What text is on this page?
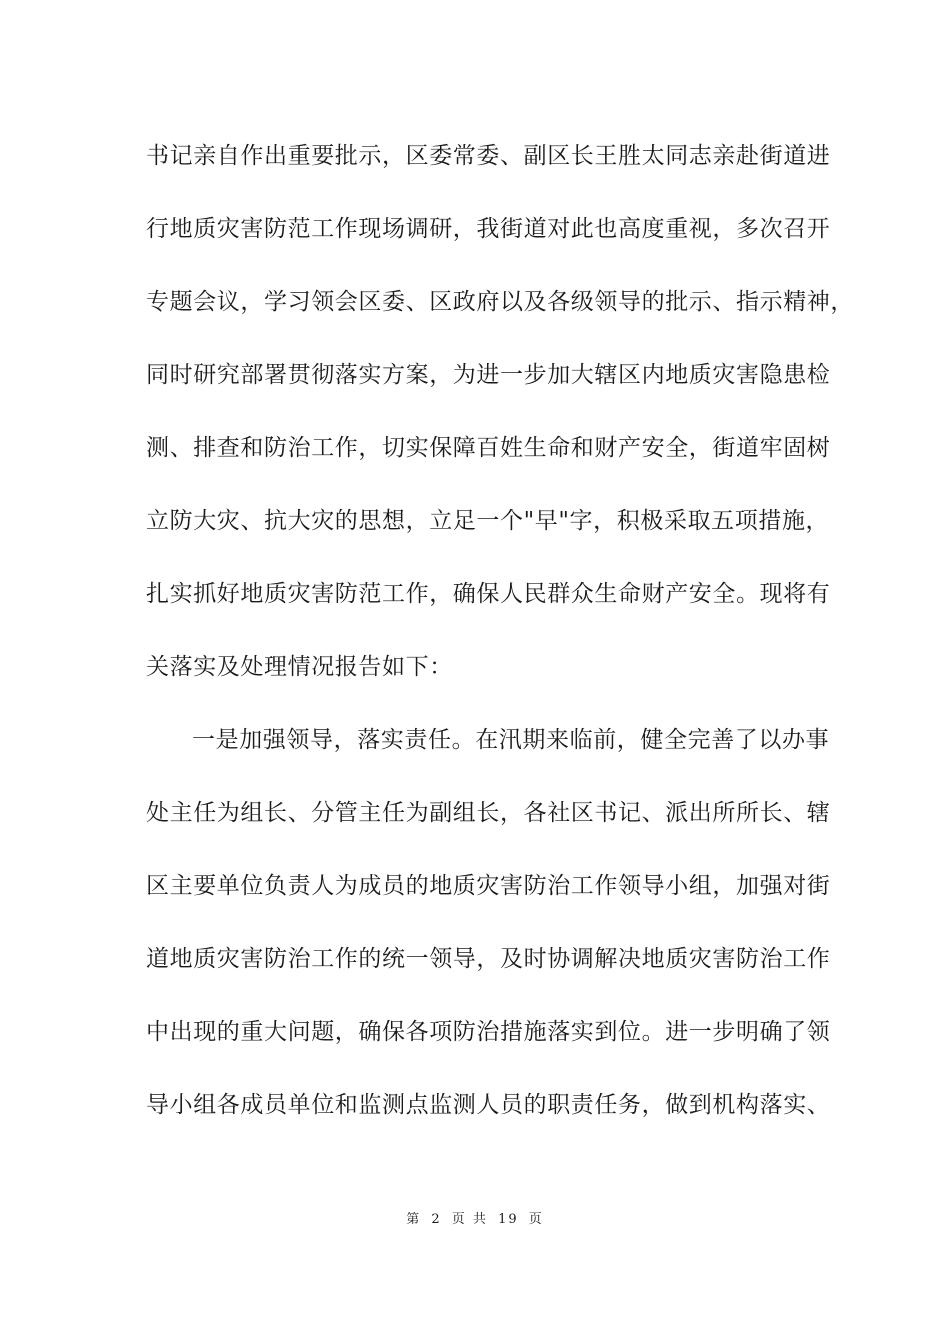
书记亲自作出重要批示，区委常委、副区长王胜太同志亲赴街道进
行地质灾害防范工作现场调研，我街道对此也高度重视，多次召开
专题会议，学习领会区委、区政府以及各级领导的批示、指示精神，
同时研究部署贯彻落实方案，为进一步加大辖区内地质灾害隐患检
测、排查和防治工作，切实保障百姓生命和财产安全，街道牢固树
立防大灾、抗大灾的思想，立足一个"早"字，积极采取五项措施，
扎实抓好地质灾害防范工作，确保人民群众生命财产安全。现将有
关落实及处理情况报告如下：
一是加强领导，落实责任。在汛期来临前，健全完善了以办事
处主任为组长、分管主任为副组长，各社区书记、派出所所长、辖
区主要单位负责人为成员的地质灾害防治工作领导小组，加强对街
道地质灾害防治工作的统一领导，及时协调解决地质灾害防治工作
中出现的重大问题，确保各项防治措施落实到位。进一步明确了领
导小组各成员单位和监测点监测人员的职责任务，做到机构落实、
第 2 页 共 19 页
